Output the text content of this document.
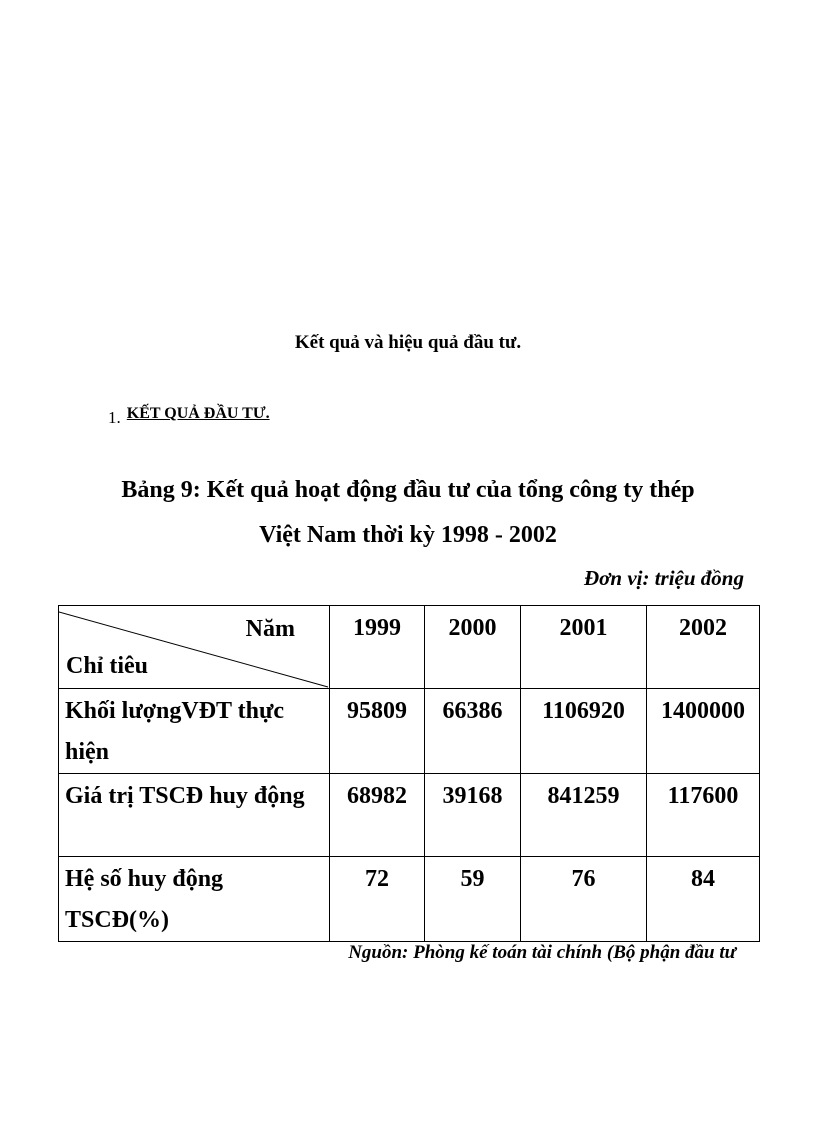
Kết quả và hiệu quả đầu tư.
1. KẾT QUẢ ĐẦU TƯ.
Bảng 9: Kết quả hoạt động đầu tư của tổng công ty thép
Việt Nam thời kỳ 1998 - 2002
Đơn vị: triệu đồng
Năm
Chỉ tiêu	1999	2000	2001	2002
Khối lượngVĐT thực hiện	95809	66386	1106920	1400000
Giá trị TSCĐ huy động	68982	39168	841259	117600
Hệ số huy động TSCĐ(%)	72	59	76	84
Nguồn: Phòng kế toán tài chính (Bộ phận đầu tư
